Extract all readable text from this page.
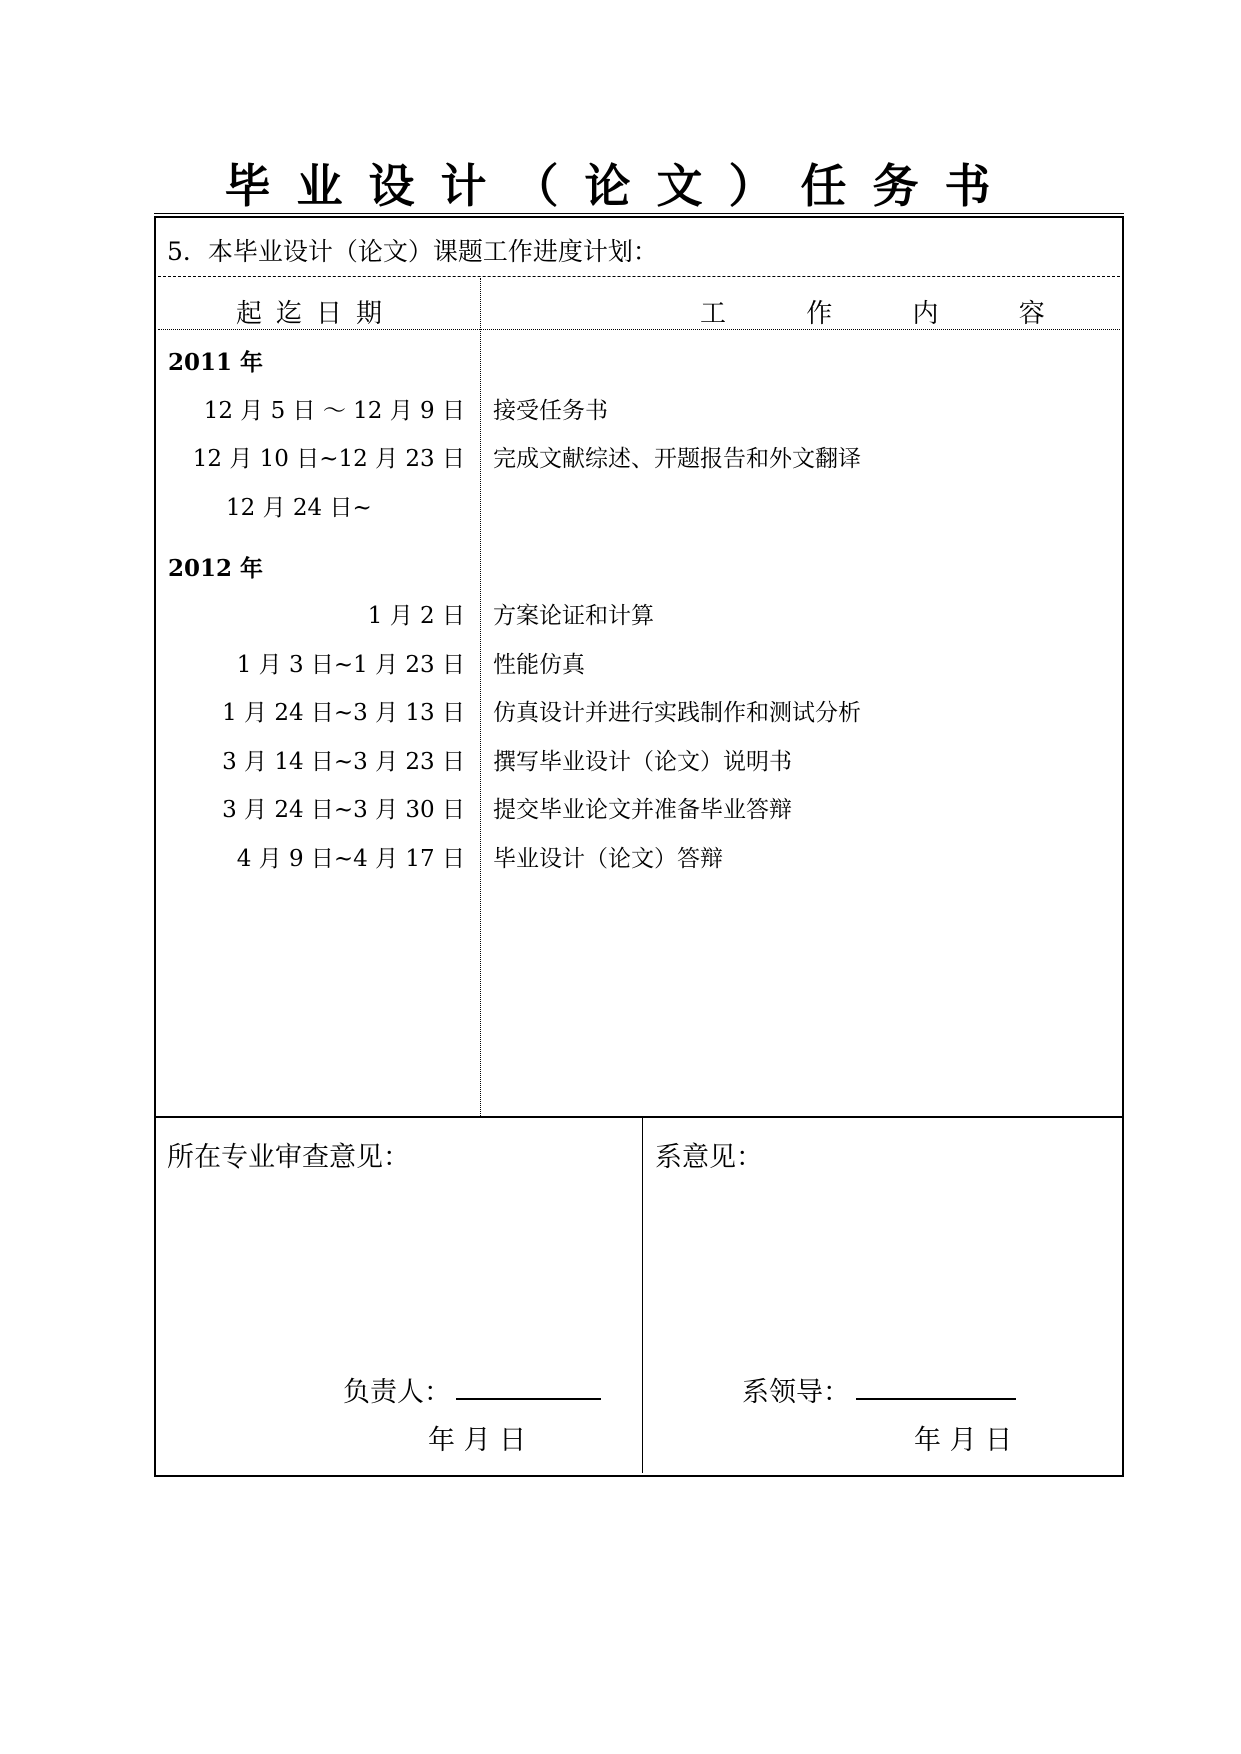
毕业设计（论文）任务书
5．本毕业设计（论文）课题工作进度计划：
起迄日期	工 作 内 容
2011 年
12 月 5 日 ～ 12 月 9 日 接受任务书
12 月 10 日~12 月 23 日 完成文献综述、开题报告和外文翻译
12 月 24 日~
2012 年
1 月 2 日 方案论证和计算
1 月 3 日~1 月 23 日 性能仿真
1 月 24 日~3 月 13 日 仿真设计并进行实践制作和测试分析
3 月 14 日~3 月 23 日 撰写毕业设计（论文）说明书
3 月 24 日~3 月 30 日 提交毕业论文并准备毕业答辩
4 月 9 日~4 月 17 日 毕业设计（论文）答辩
所在专业审查意见：	系意见：
负责人：
年 月 日
系领导：
年 月 日
